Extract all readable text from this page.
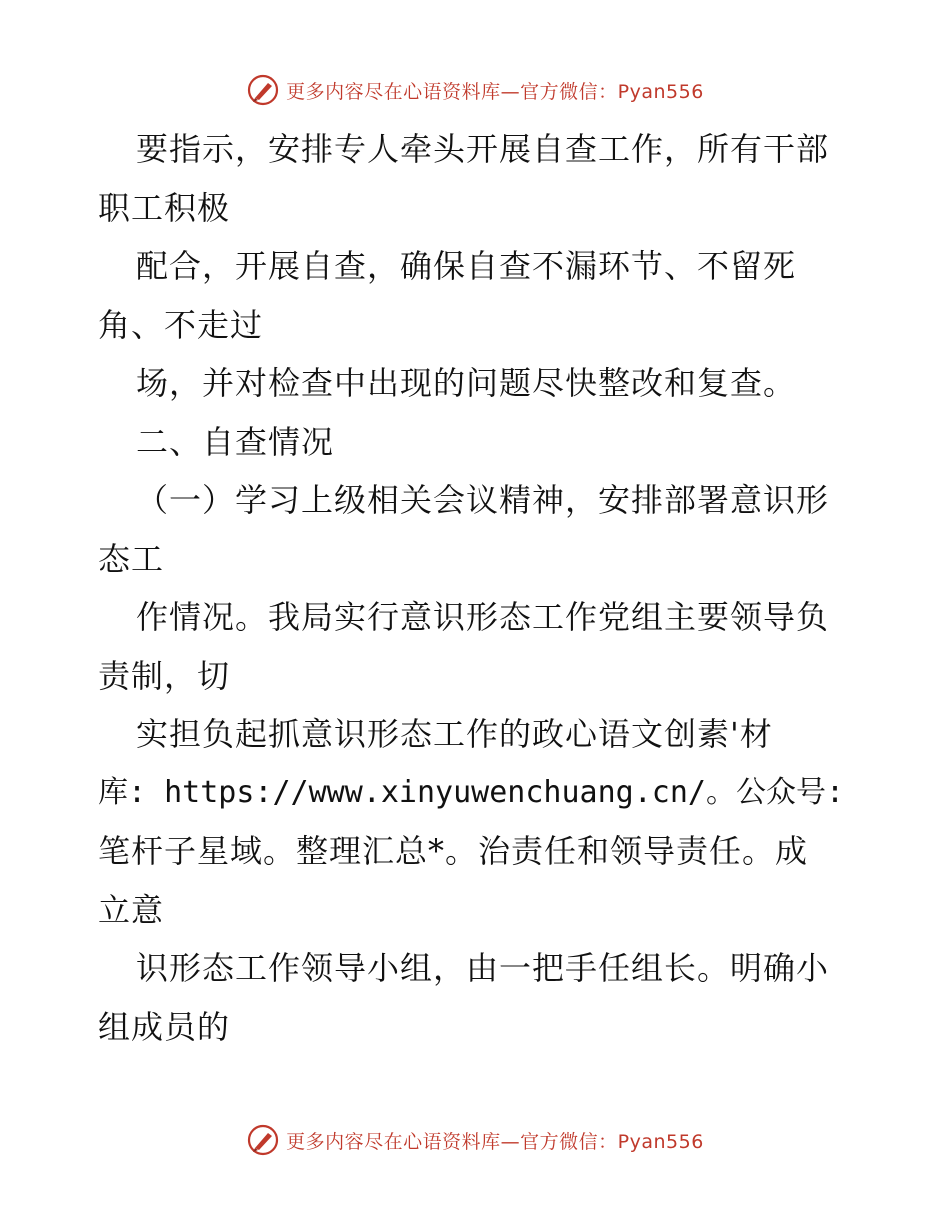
更多内容尽在心语资料库—官方微信：Pyan556
要指示，安排专人牵头开展自查工作，所有干部
职工积极
配合，开展自查，确保自查不漏环节、不留死
角、不走过
场，并对检查中出现的问题尽快整改和复查。
二、自查情况
（一）学习上级相关会议精神，安排部署意识形
态工
作情况。我局实行意识形态工作党组主要领导负
责制，切
实担负起抓意识形态工作的政心语文创素'材
库: https://www.xinyuwenchuang.cn/。公众号:
笔杆子星域。整理汇总*。治责任和领导责任。成
立意
识形态工作领导小组，由一把手任组长。明确小
组成员的
更多内容尽在心语资料库—官方微信：Pyan556
